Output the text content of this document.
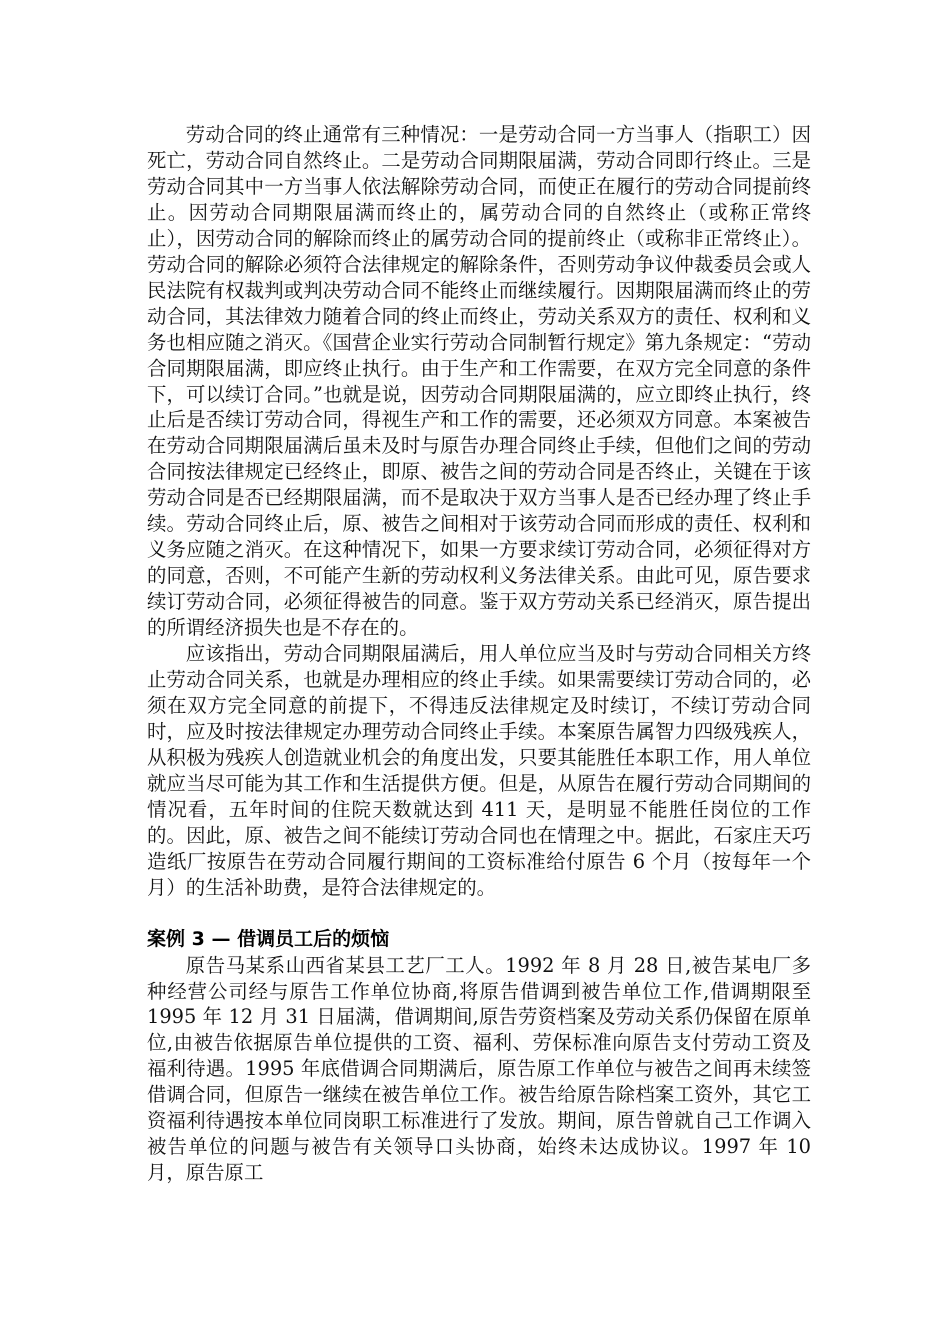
劳动合同的终止通常有三种情况：一是劳动合同一方当事人（指职工）因死亡，劳动合同自然终止。二是劳动合同期限届满，劳动合同即行终止。三是劳动合同其中一方当事人依法解除劳动合同，而使正在履行的劳动合同提前终止。因劳动合同期限届满而终止的，属劳动合同的自然终止（或称正常终止），因劳动合同的解除而终止的属劳动合同的提前终止（或称非正常终止）。劳动合同的解除必须符合法律规定的解除条件，否则劳动争议仲裁委员会或人民法院有权裁判或判决劳动合同不能终止而继续履行。因期限届满而终止的劳动合同，其法律效力随着合同的终止而终止，劳动关系双方的责任、权利和义务也相应随之消灭。《国营企业实行劳动合同制暂行规定》第九条规定：“劳动合同期限届满，即应终止执行。由于生产和工作需要，在双方完全同意的条件下，可以续订合同。”也就是说，因劳动合同期限届满的，应立即终止执行，终止后是否续订劳动合同，得视生产和工作的需要，还必须双方同意。本案被告在劳动合同期限届满后虽未及时与原告办理合同终止手续，但他们之间的劳动合同按法律规定已经终止，即原、被告之间的劳动合同是否终止，关键在于该劳动合同是否已经期限届满，而不是取决于双方当事人是否已经办理了终止手续。劳动合同终止后，原、被告之间相对于该劳动合同而形成的责任、权利和义务应随之消灭。在这种情况下，如果一方要求续订劳动合同，必须征得对方的同意，否则，不可能产生新的劳动权利义务法律关系。由此可见，原告要求续订劳动合同，必须征得被告的同意。鉴于双方劳动关系已经消灭，原告提出的所谓经济损失也是不存在的。

应该指出，劳动合同期限届满后，用人单位应当及时与劳动合同相关方终止劳动合同关系，也就是办理相应的终止手续。如果需要续订劳动合同的，必须在双方完全同意的前提下，不得违反法律规定及时续订，不续订劳动合同时，应及时按法律规定办理劳动合同终止手续。本案原告属智力四级残疾人，从积极为残疾人创造就业机会的角度出发，只要其能胜任本职工作，用人单位就应当尽可能为其工作和生活提供方便。但是，从原告在履行劳动合同期间的情况看，五年时间的住院天数就达到 411 天，是明显不能胜任岗位的工作的。因此，原、被告之间不能续订劳动合同也在情理之中。据此，石家庄天巧造纸厂按原告在劳动合同履行期间的工资标准给付原告 6 个月（按每年一个月）的生活补助费，是符合法律规定的。

案例 3 — 借调员工后的烦恼

原告马某系山西省某县工艺厂工人。1992 年 8 月 28 日,被告某电厂多种经营公司经与原告工作单位协商,将原告借调到被告单位工作,借调期限至 1995 年 12 月 31 日届满，借调期间,原告劳资档案及劳动关系仍保留在原单位,由被告依据原告单位提供的工资、福利、劳保标准向原告支付劳动工资及福利待遇。1995 年底借调合同期满后，原告原工作单位与被告之间再未续签借调合同，但原告一继续在被告单位工作。被告给原告除档案工资外，其它工资福利待遇按本单位同岗职工标准进行了发放。期间，原告曾就自己工作调入被告单位的问题与被告有关领导口头协商，始终未达成协议。1997 年 10 月，原告原工
